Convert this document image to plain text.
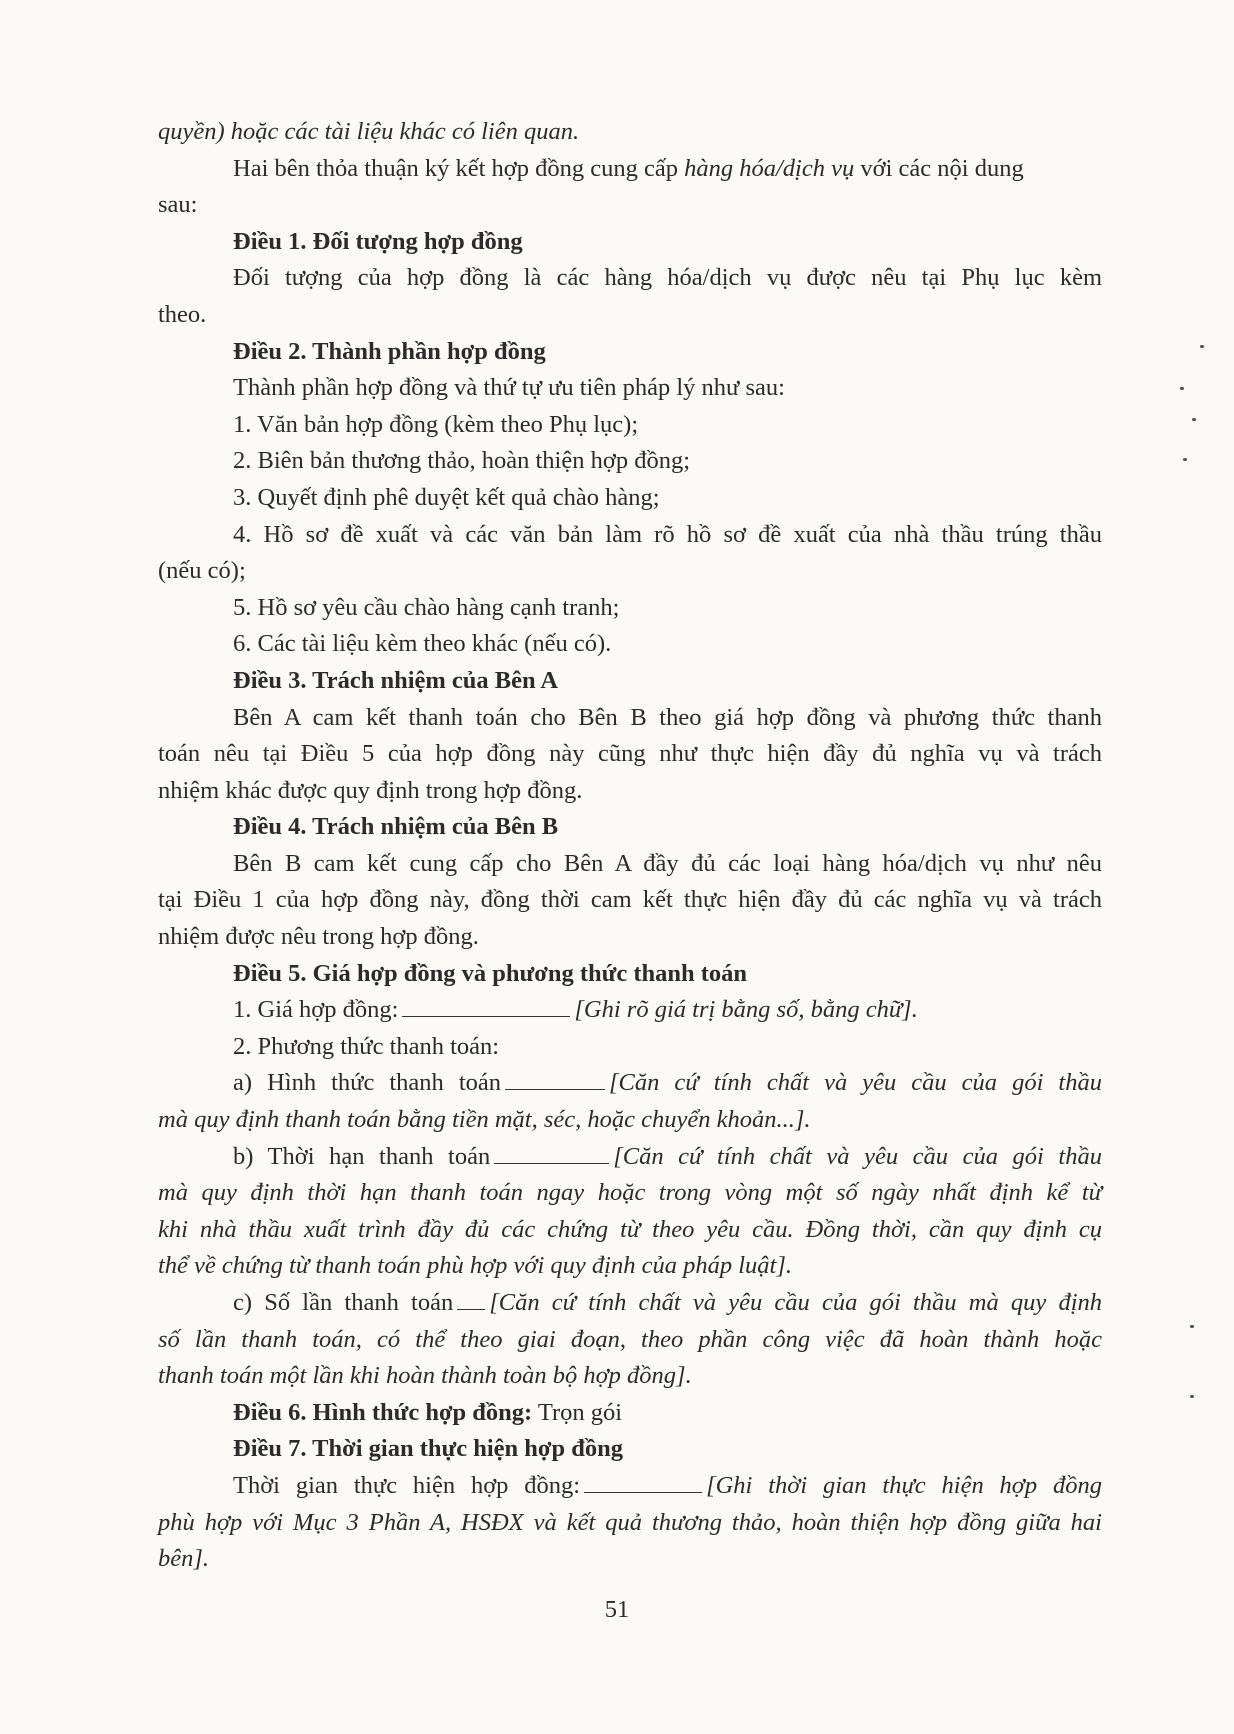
quyền) hoặc các tài liệu khác có liên quan.
Hai bên thỏa thuận ký kết hợp đồng cung cấp hàng hóa/dịch vụ với các nội dung
sau:
Điều 1. Đối tượng hợp đồng
Đối tượng của hợp đồng là các hàng hóa/dịch vụ được nêu tại Phụ lục kèm
theo.
Điều 2. Thành phần hợp đồng
Thành phần hợp đồng và thứ tự ưu tiên pháp lý như sau:
1. Văn bản hợp đồng (kèm theo Phụ lục);
2. Biên bản thương thảo, hoàn thiện hợp đồng;
3. Quyết định phê duyệt kết quả chào hàng;
4. Hồ sơ đề xuất và các văn bản làm rõ hồ sơ đề xuất của nhà thầu trúng thầu
(nếu có);
5. Hồ sơ yêu cầu chào hàng cạnh tranh;
6. Các tài liệu kèm theo khác (nếu có).
Điều 3. Trách nhiệm của Bên A
Bên A cam kết thanh toán cho Bên B theo giá hợp đồng và phương thức thanh
toán nêu tại Điều 5 của hợp đồng này cũng như thực hiện đầy đủ nghĩa vụ và trách
nhiệm khác được quy định trong hợp đồng.
Điều 4. Trách nhiệm của Bên B
Bên B cam kết cung cấp cho Bên A đầy đủ các loại hàng hóa/dịch vụ như nêu
tại Điều 1 của hợp đồng này, đồng thời cam kết thực hiện đầy đủ các nghĩa vụ và trách
nhiệm được nêu trong hợp đồng.
Điều 5. Giá hợp đồng và phương thức thanh toán
1. Giá hợp đồng:	[Ghi rõ giá trị bằng số, bằng chữ].
2. Phương thức thanh toán:
a) Hình thức thanh toán	[Căn cứ tính chất và yêu cầu của gói thầu
mà quy định thanh toán bằng tiền mặt, séc, hoặc chuyển khoản...].
b) Thời hạn thanh toán	[Căn cứ tính chất và yêu cầu của gói thầu
mà quy định thời hạn thanh toán ngay hoặc trong vòng một số ngày nhất định kể từ
khi nhà thầu xuất trình đầy đủ các chứng từ theo yêu cầu. Đồng thời, cần quy định cụ
thể về chứng từ thanh toán phù hợp với quy định của pháp luật].
c) Số lần thanh toán [Căn cứ tính chất và yêu cầu của gói thầu mà quy định
số lần thanh toán, có thể theo giai đoạn, theo phần công việc đã hoàn thành hoặc
thanh toán một lần khi hoàn thành toàn bộ hợp đồng].
Điều 6. Hình thức hợp đồng: Trọn gói
Điều 7. Thời gian thực hiện hợp đồng
Thời gian thực hiện hợp đồng:	[Ghi thời gian thực hiện hợp đồng
phù hợp với Mục 3 Phần A, HSĐX và kết quả thương thảo, hoàn thiện hợp đồng giữa hai
bên].
51
